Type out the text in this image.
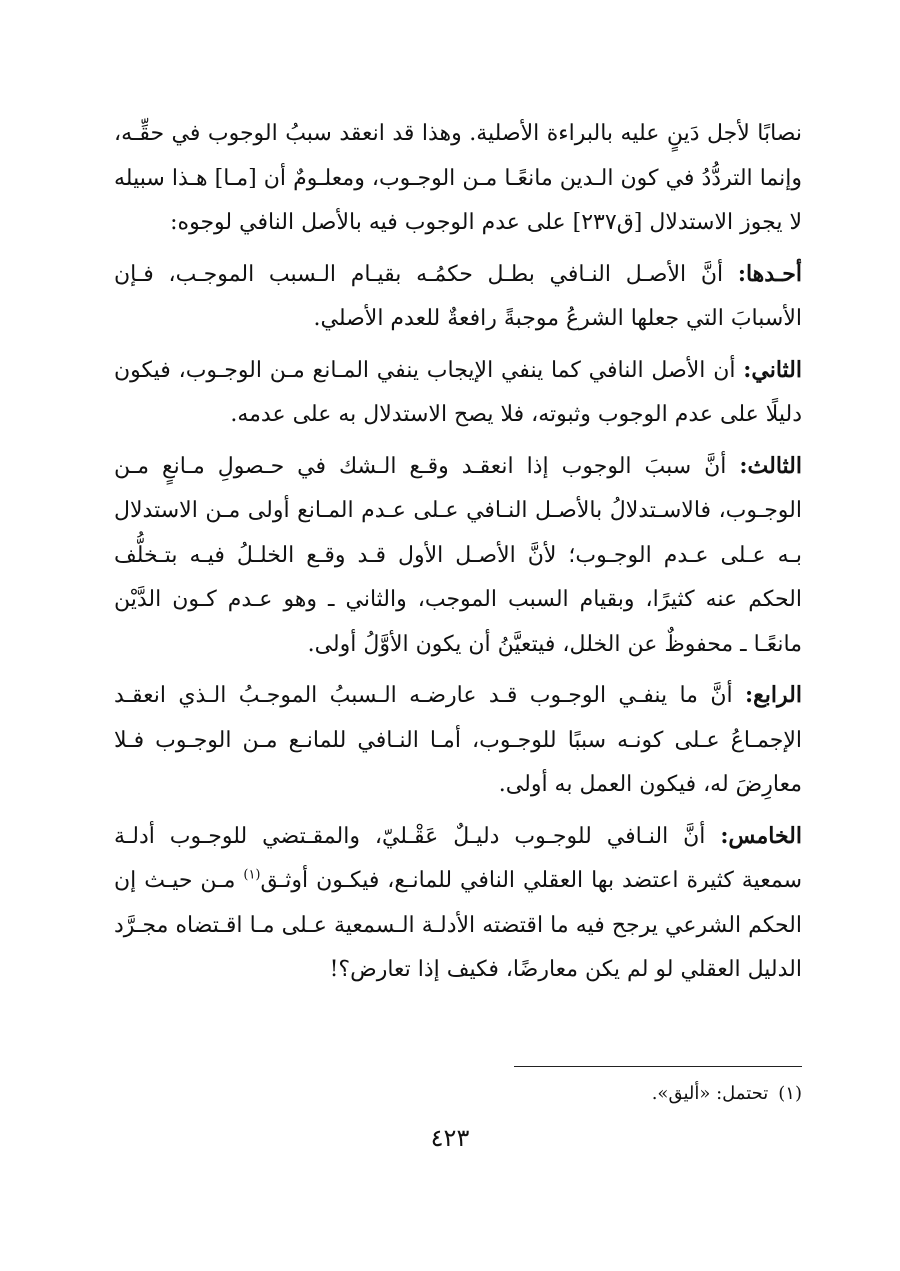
نصابًا لأجل دَينٍ عليه بالبراءة الأصلية. وهذا قد انعقد سببُ الوجوب في حقِّـه، وإنما التردُّدُ في كون الـدين مانعًـا مـن الوجـوب، ومعلـومٌ أن [مـا] هـذا سبيله لا يجوز الاستدلال [ق٢٣٧] على عدم الوجوب فيه بالأصل النافي لوجوه:

أحـدها: أنَّ الأصـل النـافي بطـل حكمُـه بقيـام الـسبب الموجـب، فـإن الأسبابَ التي جعلها الشرعُ موجبةً رافعةٌ للعدم الأصلي.

الثاني: أن الأصل النافي كما ينفي الإيجاب ينفي المـانع مـن الوجـوب، فيكون دليلًا على عدم الوجوب وثبوته، فلا يصح الاستدلال به على عدمه.

الثالث: أنَّ سببَ الوجوب إذا انعقـد وقـع الـشك في حـصولِ مـانعٍ مـن الوجـوب، فالاسـتدلالُ بالأصـل النـافي عـلى عـدم المـانع أولى مـن الاستدلال بـه عـلى عـدم الوجـوب؛ لأنَّ الأصـل الأول قـد وقـع الخلـلُ فيـه بتـخلُّف الحكم عنه كثيرًا، وبقيام السبب الموجب، والثاني ـ وهو عـدم كـون الدَّيْن مانعًـا ـ محفوظٌ عن الخلل، فيتعيَّنُ أن يكون الأوَّلُ أولى.

الرابع: أنَّ ما ينفـي الوجـوب قـد عارضـه الـسببُ الموجـبُ الـذي انعقـد الإجمـاعُ عـلى كونـه سببًا للوجـوب، أمـا النـافي للمانـع مـن الوجـوب فـلا معارِضَ له، فيكون العمل به أولى.

الخامس: أنَّ النـافي للوجـوب دليـلٌ عَقْـليّ، والمقـتضي للوجـوب أدلـة سمعية كثيرة اعتضد بها العقلي النافي للمانـع، فيكـون أوثـق$^{(١)}$ مـن حيـث إن الحكم الشرعي يرجح فيه ما اقتضته الأدلـة الـسمعية عـلى مـا اقـتضاه مجـرَّد الدليل العقلي لو لم يكن معارضًا، فكيف إذا تعارض؟!

(١)تحتمل: «أليق».
٤٢٣
